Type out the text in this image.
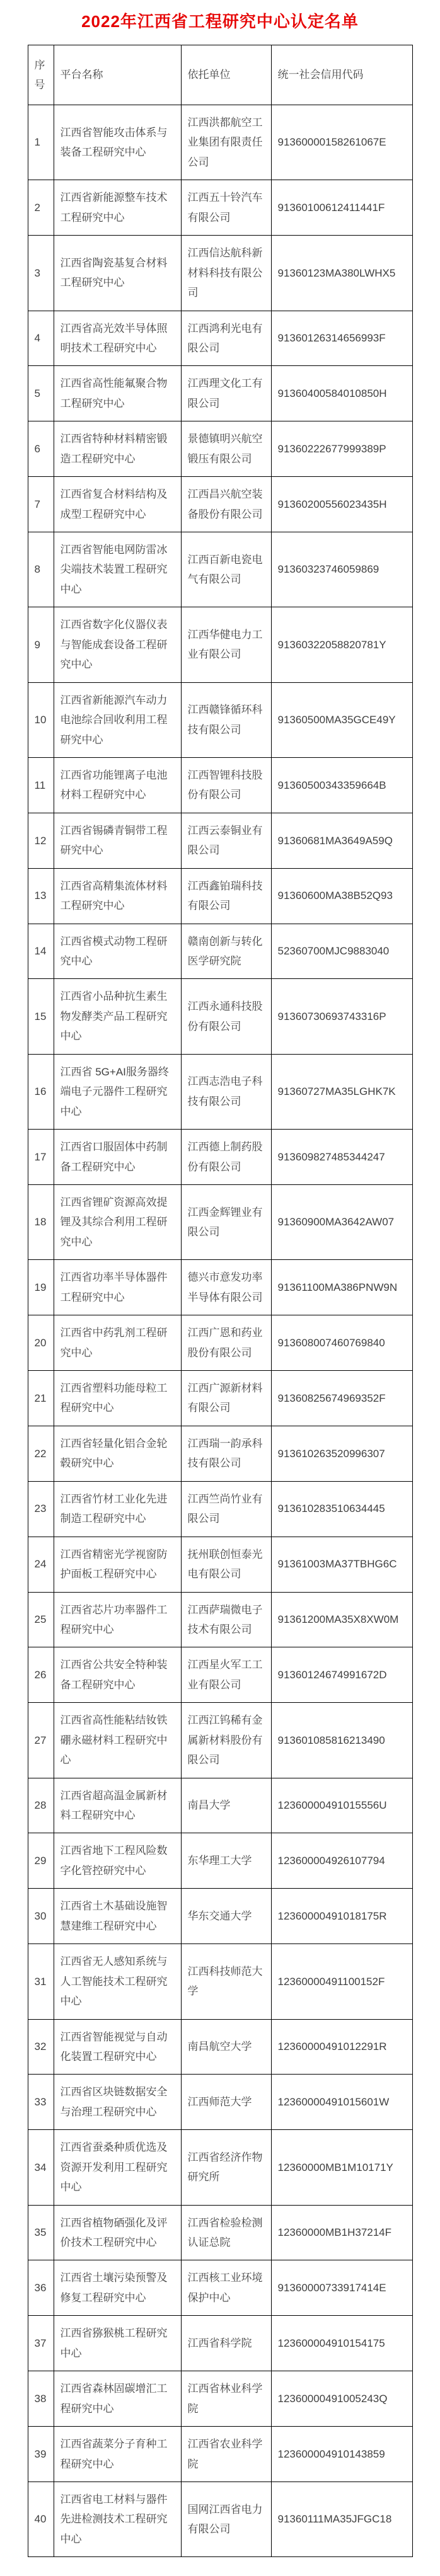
2022年江西省工程研究中心认定名单
序号	平台名称	依托单位	统一社会信用代码
1	江西省智能攻击体系与装备工程研究中心	江西洪都航空工业集团有限责任公司	91360000158261067E
2	江西省新能源整车技术工程研究中心	江西五十铃汽车有限公司	91360100612411441F
3	江西省陶瓷基复合材料工程研究中心	江西信达航科新材料科技有限公司	91360123MA380LWHX5
4	江西省高光效半导体照明技术工程研究中心	江西鸿利光电有限公司	91360126314656993F
5	江西省高性能氟聚合物工程研究中心	江西理文化工有限公司	91360400584010850H
6	江西省特种材料精密锻造工程研究中心	景德镇明兴航空锻压有限公司	91360222677999389P
7	江西省复合材料结构及成型工程研究中心	江西昌兴航空装备股份有限公司	91360200556023435H
8	江西省智能电网防雷冰尖端技术装置工程研究中心	江西百新电瓷电气有限公司	91360323746059869
9	江西省数字化仪器仪表与智能成套设备工程研究中心	江西华健电力工业有限公司	91360322058820781Y
10	江西省新能源汽车动力电池综合回收利用工程研究中心	江西赣锋循环科技有限公司	91360500MA35GCE49Y
11	江西省功能锂离子电池材料工程研究中心	江西智锂科技股份有限公司	91360500343359664B
12	江西省锡磷青铜带工程研究中心	江西云泰铜业有限公司	91360681MA3649A59Q
13	江西省高精集流体材料工程研究中心	江西鑫铂瑞科技有限公司	91360600MA38B52Q93
14	江西省模式动物工程研究中心	赣南创新与转化医学研究院	52360700MJC9883040
15	江西省小品种抗生素生物发酵类产品工程研究中心	江西永通科技股份有限公司	91360730693743316P
16	江西省 5G+AI服务器终端电子元器件工程研究中心	江西志浩电子科技有限公司	91360727MA35LGHK7K
17	江西省口服固体中药制备工程研究中心	江西德上制药股份有限公司	913609827485344247
18	江西省锂矿资源高效提锂及其综合利用工程研究中心	江西金辉锂业有限公司	91360900MA3642AW07
19	江西省功率半导体器件工程研究中心	德兴市意发功率半导体有限公司	91361100MA386PNW9N
20	江西省中药乳剂工程研究中心	江西广恩和药业股份有限公司	913608007460769840
21	江西省塑料功能母粒工程研究中心	江西广源新材料有限公司	91360825674969352F
22	江西省轻量化铝合金轮毂研究中心	江西瑞一韵承科技有限公司	913610263520996307
23	江西省竹材工业化先进制造工程研究中心	江西竺尚竹业有限公司	913610283510634445
24	江西省精密光学视窗防护面板工程研究中心	抚州联创恒泰光电有限公司	91361003MA37TBHG6C
25	江西省芯片功率器件工程研究中心	江西萨瑞微电子技术有限公司	91361200MA35X8XW0M
26	江西省公共安全特种装备工程研究中心	江西星火军工工业有限公司	91360124674991672D
27	江西省高性能粘结钕铁硼永磁材料工程研究中心	江西江钨稀有金属新材料股份有限公司	913601085816213490
28	江西省超高温金属新材料工程研究中心	南昌大学	12360000491015556U
29	江西省地下工程风险数字化管控研究中心	东华理工大学	123600004926107794
30	江西省土木基础设施智慧建维工程研究中心	华东交通大学	12360000491018175R
31	江西省无人感知系统与人工智能技术工程研究中心	江西科技师范大学	12360000491100152F
32	江西省智能视觉与自动化装置工程研究中心	南昌航空大学	12360000491012291R
33	江西省区块链数据安全与治理工程研究中心	江西师范大学	12360000491015601W
34	江西省蚕桑种质优选及资源开发利用工程研究中心	江西省经济作物研究所	12360000MB1M10171Y
35	江西省植物硒强化及评价技术工程研究中心	江西省检验检测认证总院	12360000MB1H37214F
36	江西省土壤污染预警及修复工程研究中心	江西核工业环境保护中心	91360000733917414E
37	江西省猕猴桃工程研究中心	江西省科学院	123600004910154175
38	江西省森林固碳增汇工程研究中心	江西省林业科学院	12360000491005243Q
39	江西省蔬菜分子育种工程研究中心	江西省农业科学院	123600004910143859
40	江西省电工材料与器件先进检测技术工程研究中心	国网江西省电力有限公司	91360111MA35JFGC18
